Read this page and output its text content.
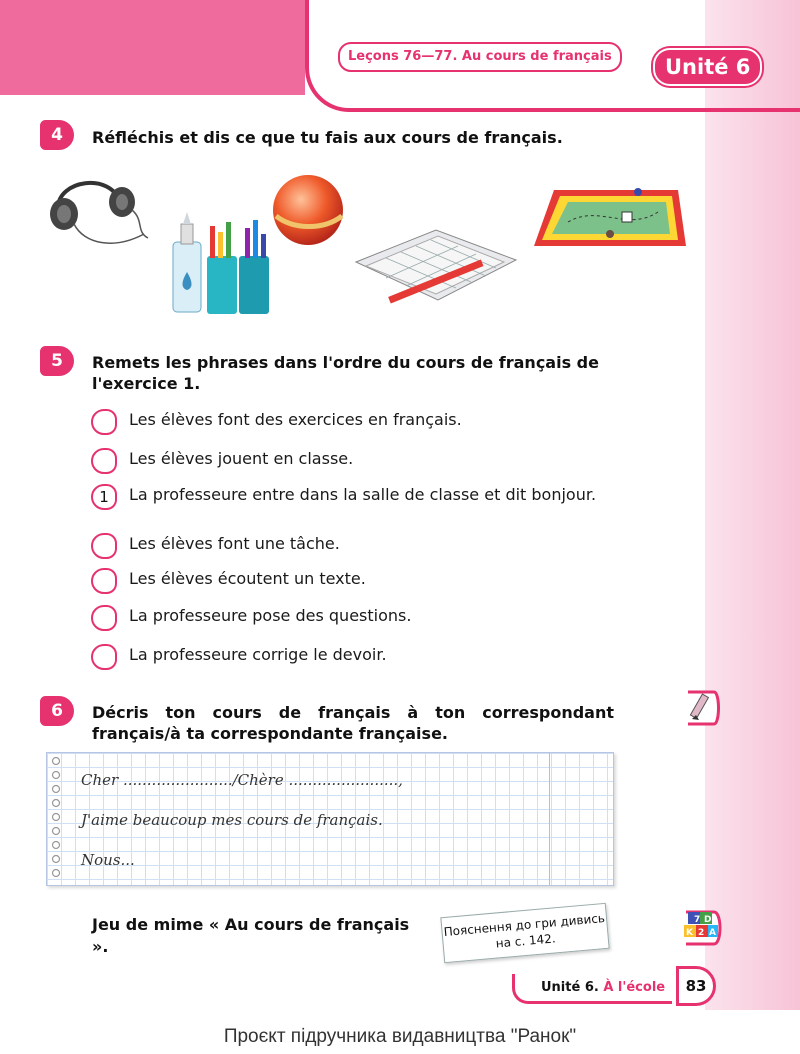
Leçons 76—77. Au cours de français	Unité 6
4	Réfléchis et dis ce que tu fais aux cours de français.
5	Remets les phrases dans l'ordre du cours de français de l'exercice 1.
Les élèves font des exercices en français.
Les élèves jouent en classe.
1	La professeure entre dans la salle de classe et dit bonjour.
Les élèves font une tâche.
Les élèves écoutent un texte.
La professeure pose des questions.
La professeure corrige le devoir.
6	Décris ton cours de français à ton correspondant français/à ta correspondante française.
Cher ......................./Chère .......................,
J'aime beaucoup mes cours de français.
Nous...
Jeu de mime « Au cours de français ».
Пояснення до гри дивись на с. 142.
7 D
K 2 A
Unité 6. À l'école	83
Проєкт підручника видавництва "Ранок"
